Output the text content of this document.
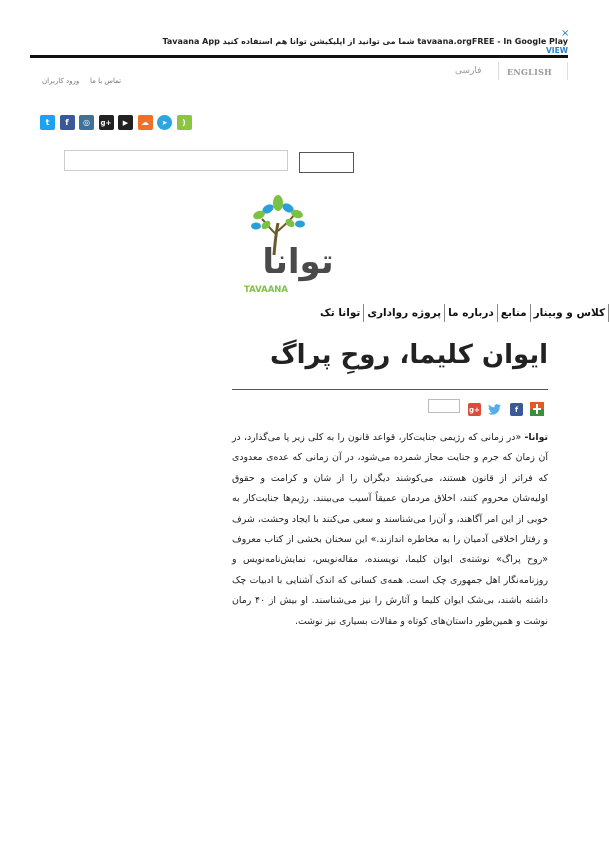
×
Tavaana App شما می توانید از اپلیکیشن توانا هم استفاده کنید tavaana.orgFREE - In Google Play
VIEW
ENGLISH
فارسی
تماس با ما
ورود کاربران
t	f	◎	g+	▶	☁	➤	)
توانا
TAVAANA
کلاس و وبینار
منابع
درباره ما
پروژه رواداری
توانا تک
ایوان کلیما، روحِ پراگ
g+	f
توانا- «در زمانی که رژیمی جنایت‌کار، قواعد قانون را به کلی زیر پا می‌گذارد، در آن زمان که جرم و جنایت مجاز شمرده می‌شود، در آن زمانی که عده‌ی معدودی که فراتر از قانون هستند، می‌کوشند دیگران را از شان و کرامت و حقوق اولیه‌شان محروم کنند، اخلاق مردمان عمیقاً آسیب می‌بینند. رژیم‌ها جنایت‌کار به خوبی از این امر آگاهند، و آن‌را می‌شناسند و سعی می‌کنند با ایجاد وحشت، شرف و رفتار اخلاقی آدمیان را به مخاطره اندازند.» این سخنان بخشی از کتاب معروف «روح پراگ» نوشته‌ی ایوان کلیما، نویسنده، مقاله‌نویس، نمایش‌نامه‌نویس و روزنامه‌نگار اهل جمهوری چک است. همه‌ی کسانی که اندک آشنایی با ادبیات چک داشته باشند، بی‌شک ایوان کلیما و آثارش را نیز می‌شناسند. او بیش از ۴۰ رمان نوشت و همین‌طور داستان‌های کوتاه و مقالات بسیاری نیز نوشت.
